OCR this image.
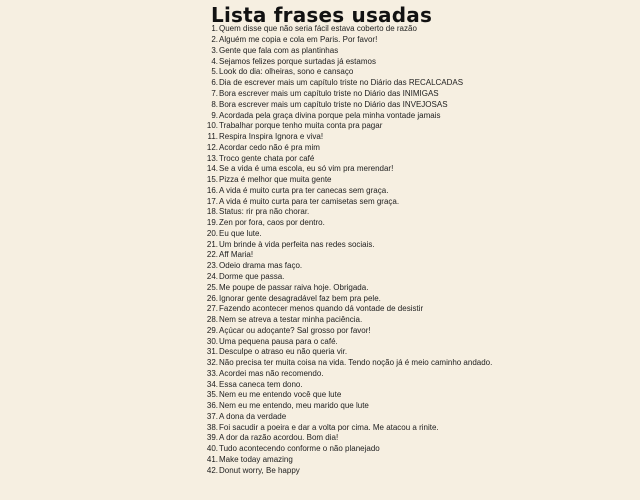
Lista frases usadas
1. Quem disse que não seria fácil estava coberto de razão
2. Alguém me copia e cola em Paris. Por favor!
3. Gente que fala com as plantinhas
4. Sejamos felizes porque surtadas já estamos
5. Look do dia: olheiras, sono e cansaço
6. Dia de escrever mais um capítulo triste no Diário das RECALCADAS
7. Bora escrever mais um capítulo triste no Diário das INIMIGAS
8. Bora escrever mais um capítulo triste no Diário das INVEJOSAS
9. Acordada pela graça divina porque pela minha vontade jamais
10. Trabalhar porque tenho muita conta pra pagar
11. Respira Inspira Ignora e viva!
12. Acordar cedo não é pra mim
13. Troco gente chata por café
14. Se a vida é uma escola, eu só vim pra merendar!
15. Pizza é melhor que muita gente
16. A vida é muito curta pra ter canecas sem graça.
17. A vida é muito curta para ter camisetas sem graça.
18. Status: rir pra não chorar.
19. Zen por fora, caos por dentro.
20. Eu que lute.
21. Um brinde à vida perfeita nas redes sociais.
22. Aff Maria!
23. Odeio drama mas faço.
24. Dorme que passa.
25. Me poupe de passar raiva hoje. Obrigada.
26. Ignorar gente desagradável faz bem pra pele.
27. Fazendo acontecer menos quando dá vontade de desistir
28. Nem se atreva a testar minha paciência.
29. Açúcar ou adoçante? Sal grosso por favor!
30. Uma pequena pausa para o café.
31. Desculpe o atraso eu não queria vir.
32. Não precisa ter muita coisa na vida. Tendo noção já é meio caminho andado.
33. Acordei mas não recomendo.
34. Essa caneca tem dono.
35. Nem eu me entendo você que lute
36. Nem eu me entendo, meu marido que lute
37. A dona da verdade
38. Foi sacudir a poeira e dar a volta por cima. Me atacou a rinite.
39. A dor da razão acordou. Bom dia!
40. Tudo acontecendo conforme o não planejado
41. Make today amazing
42. Donut worry, Be happy
